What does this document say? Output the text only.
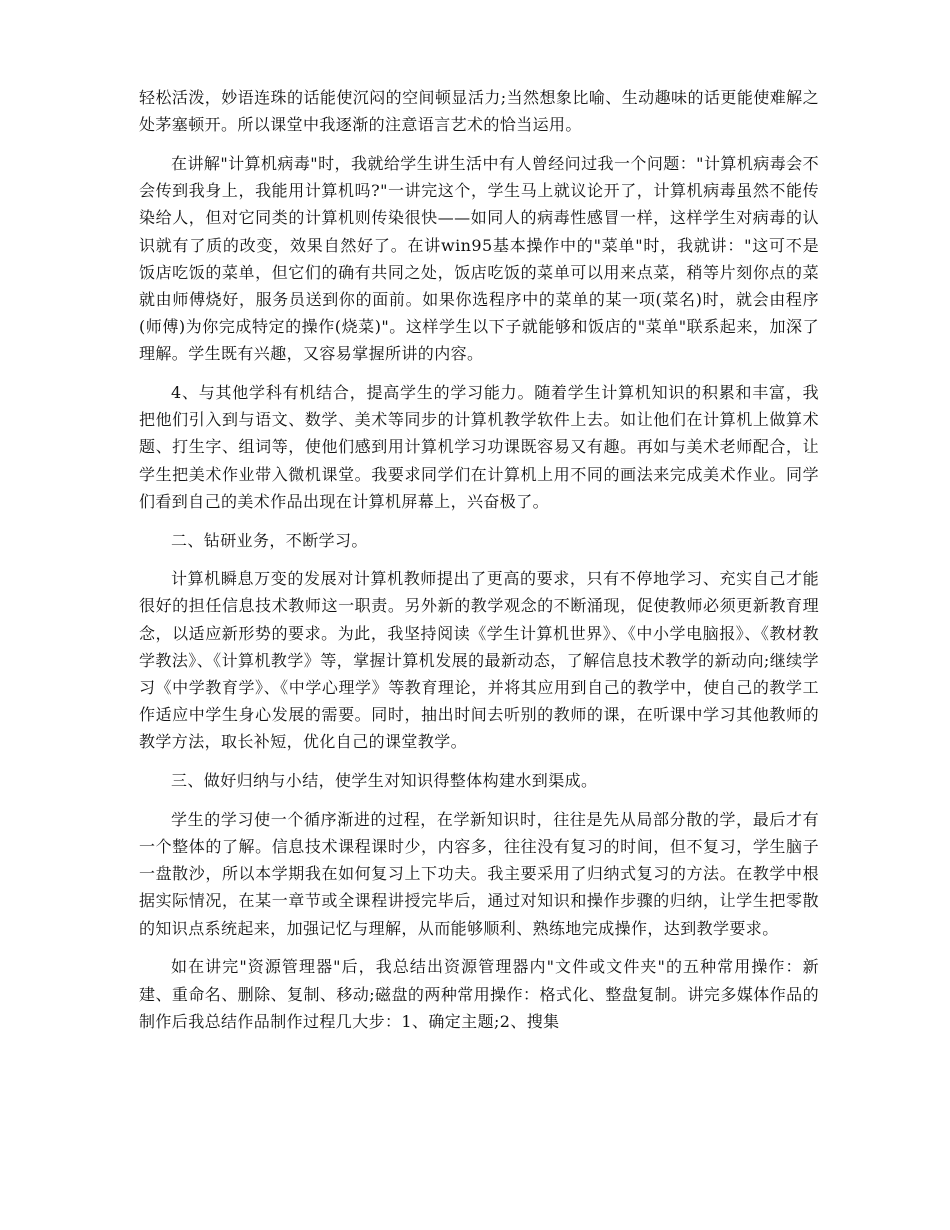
轻松活泼，妙语连珠的话能使沉闷的空间顿显活力;当然想象比喻、生动趣味的话更能使难解之处茅塞顿开。所以课堂中我逐渐的注意语言艺术的恰当运用。

在讲解"计算机病毒"时，我就给学生讲生活中有人曾经问过我一个问题："计算机病毒会不会传到我身上，我能用计算机吗?"一讲完这个，学生马上就议论开了，计算机病毒虽然不能传染给人，但对它同类的计算机则传染很快——如同人的病毒性感冒一样，这样学生对病毒的认识就有了质的改变，效果自然好了。在讲win95基本操作中的"菜单"时，我就讲："这可不是饭店吃饭的菜单，但它们的确有共同之处，饭店吃饭的菜单可以用来点菜，稍等片刻你点的菜就由师傅烧好，服务员送到你的面前。如果你选程序中的菜单的某一项(菜名)时，就会由程序(师傅)为你完成特定的操作(烧菜)"。这样学生以下子就能够和饭店的"菜单"联系起来，加深了理解。学生既有兴趣，又容易掌握所讲的内容。

4、与其他学科有机结合，提高学生的学习能力。随着学生计算机知识的积累和丰富，我把他们引入到与语文、数学、美术等同步的计算机教学软件上去。如让他们在计算机上做算术题、打生字、组词等，使他们感到用计算机学习功课既容易又有趣。再如与美术老师配合，让学生把美术作业带入微机课堂。我要求同学们在计算机上用不同的画法来完成美术作业。同学们看到自己的美术作品出现在计算机屏幕上，兴奋极了。

二、钻研业务，不断学习。

计算机瞬息万变的发展对计算机教师提出了更高的要求，只有不停地学习、充实自己才能很好的担任信息技术教师这一职责。另外新的教学观念的不断涌现，促使教师必须更新教育理念，以适应新形势的要求。为此，我坚持阅读《学生计算机世界》、《中小学电脑报》、《教材教学教法》、《计算机教学》等，掌握计算机发展的最新动态，了解信息技术教学的新动向;继续学习《中学教育学》、《中学心理学》等教育理论，并将其应用到自己的教学中，使自己的教学工作适应中学生身心发展的需要。同时，抽出时间去听别的教师的课，在听课中学习其他教师的教学方法，取长补短，优化自己的课堂教学。

三、做好归纳与小结，使学生对知识得整体构建水到渠成。

学生的学习使一个循序渐进的过程，在学新知识时，往往是先从局部分散的学，最后才有一个整体的了解。信息技术课程课时少，内容多，往往没有复习的时间，但不复习，学生脑子一盘散沙，所以本学期我在如何复习上下功夫。我主要采用了归纳式复习的方法。在教学中根据实际情况，在某一章节或全课程讲授完毕后，通过对知识和操作步骤的归纳，让学生把零散的知识点系统起来，加强记忆与理解，从而能够顺利、熟练地完成操作，达到教学要求。

如在讲完"资源管理器"后，我总结出资源管理器内"文件或文件夹"的五种常用操作：新建、重命名、删除、复制、移动;磁盘的两种常用操作：格式化、整盘复制。讲完多媒体作品的制作后我总结作品制作过程几大步：1、确定主题;2、搜集
